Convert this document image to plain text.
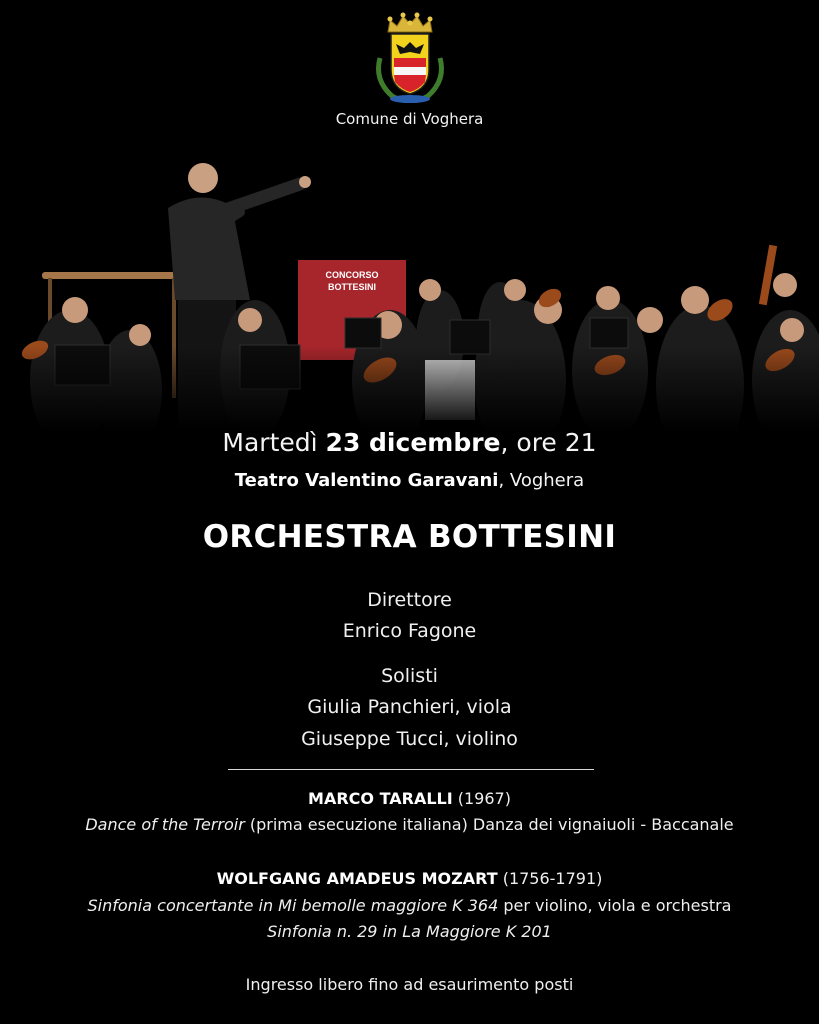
Comune di Voghera
Martedì 23 dicembre, ore 21
Teatro Valentino Garavani, Voghera
ORCHESTRA BOTTESINI
Direttore
Enrico Fagone
Solisti
Giulia Panchieri, viola
Giuseppe Tucci, violino
MARCO TARALLI (1967)
Dance of the Terroir (prima esecuzione italiana) Danza dei vignaiuoli - Baccanale
WOLFGANG AMADEUS MOZART (1756-1791)
Sinfonia concertante in Mi bemolle maggiore K 364 per violino, viola e orchestra
Sinfonia n. 29 in La Maggiore K 201
Ingresso libero fino ad esaurimento posti
